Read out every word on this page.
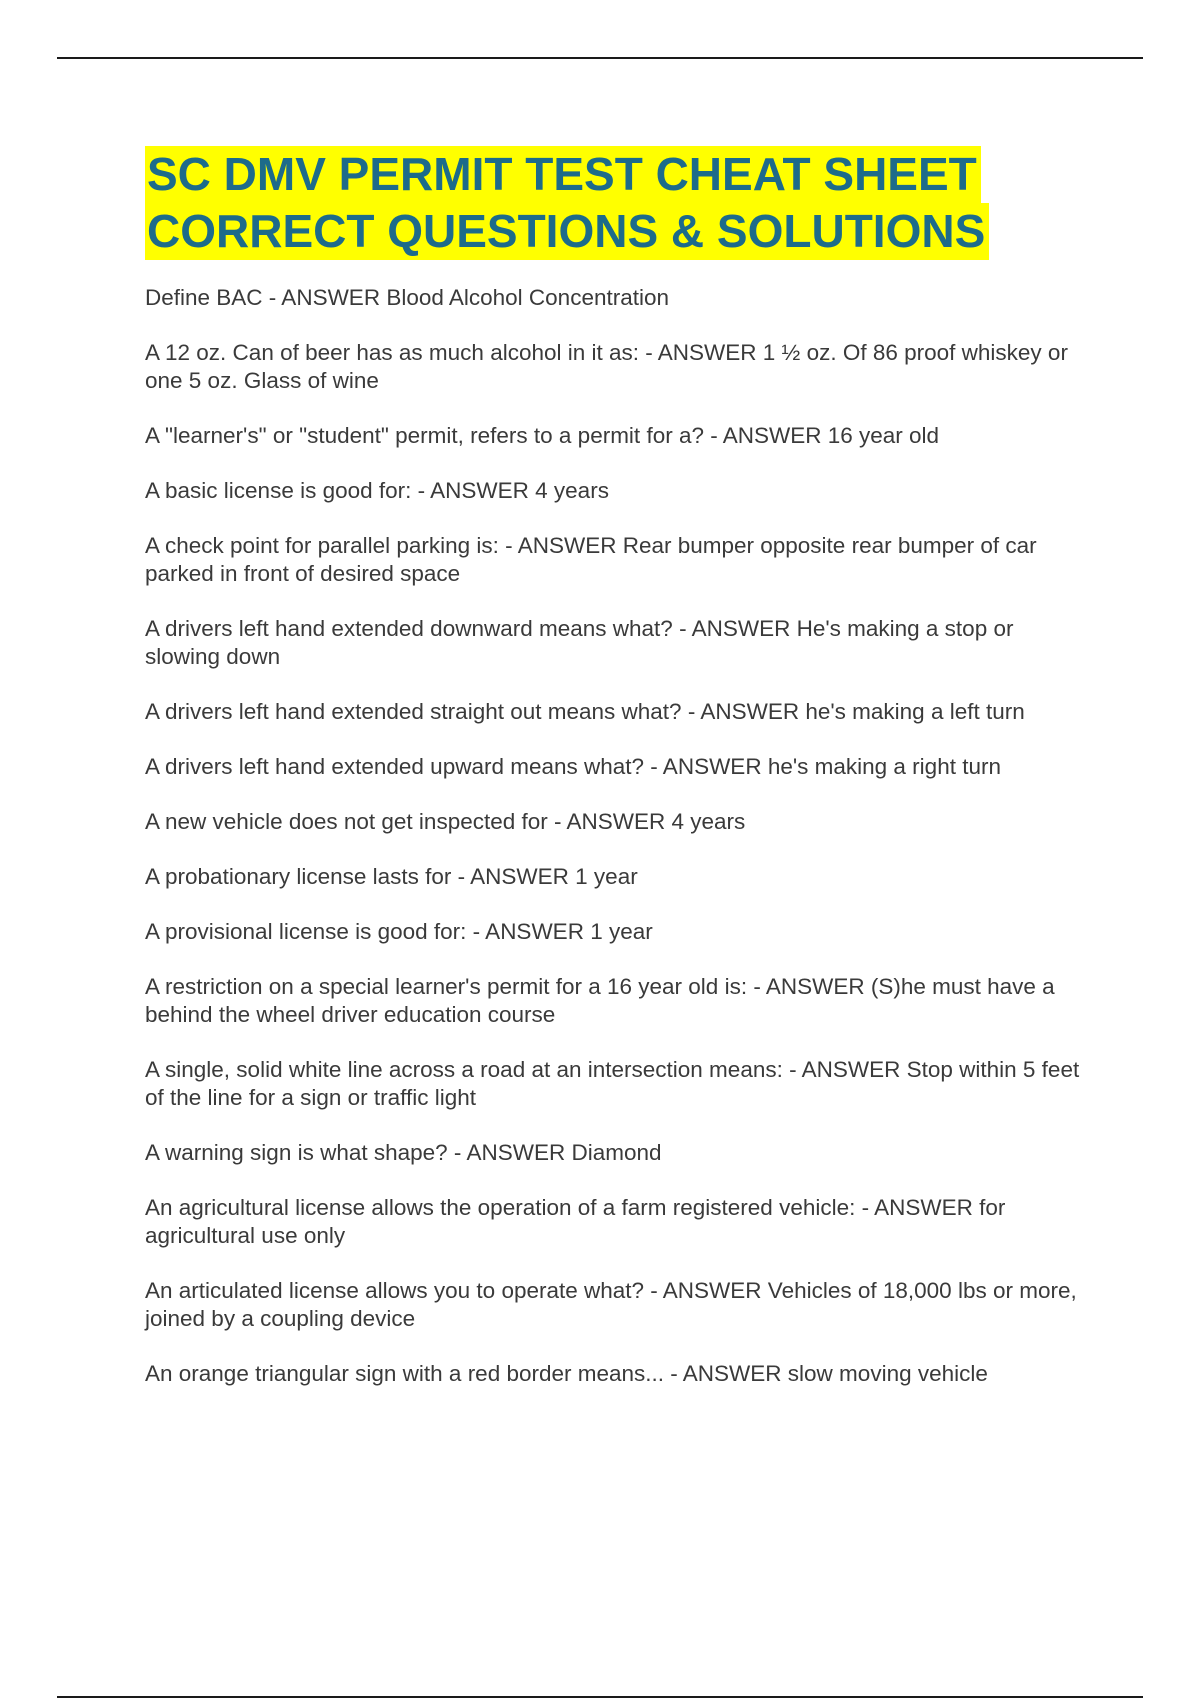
SC DMV PERMIT TEST CHEAT SHEET
CORRECT QUESTIONS & SOLUTIONS
Define BAC - ANSWER Blood Alcohol Concentration
A 12 oz. Can of beer has as much alcohol in it as: - ANSWER 1 ½ oz. Of 86 proof whiskey or one 5 oz. Glass of wine
A "learner's" or "student" permit, refers to a permit for a? - ANSWER 16 year old
A basic license is good for: - ANSWER 4 years
A check point for parallel parking is: - ANSWER Rear bumper opposite rear bumper of car parked in front of desired space
A drivers left hand extended downward means what? - ANSWER He's making a stop or slowing down
A drivers left hand extended straight out means what? - ANSWER he's making a left turn
A drivers left hand extended upward means what? - ANSWER he's making a right turn
A new vehicle does not get inspected for - ANSWER 4 years
A probationary license lasts for - ANSWER 1 year
A provisional license is good for: - ANSWER 1 year
A restriction on a special learner's permit for a 16 year old is: - ANSWER (S)he must have a behind the wheel driver education course
A single, solid white line across a road at an intersection means: - ANSWER Stop within 5 feet of the line for a sign or traffic light
A warning sign is what shape? - ANSWER Diamond
An agricultural license allows the operation of a farm registered vehicle: - ANSWER for agricultural use only
An articulated license allows you to operate what? - ANSWER Vehicles of 18,000 lbs or more, joined by a coupling device
An orange triangular sign with a red border means... - ANSWER slow moving vehicle
